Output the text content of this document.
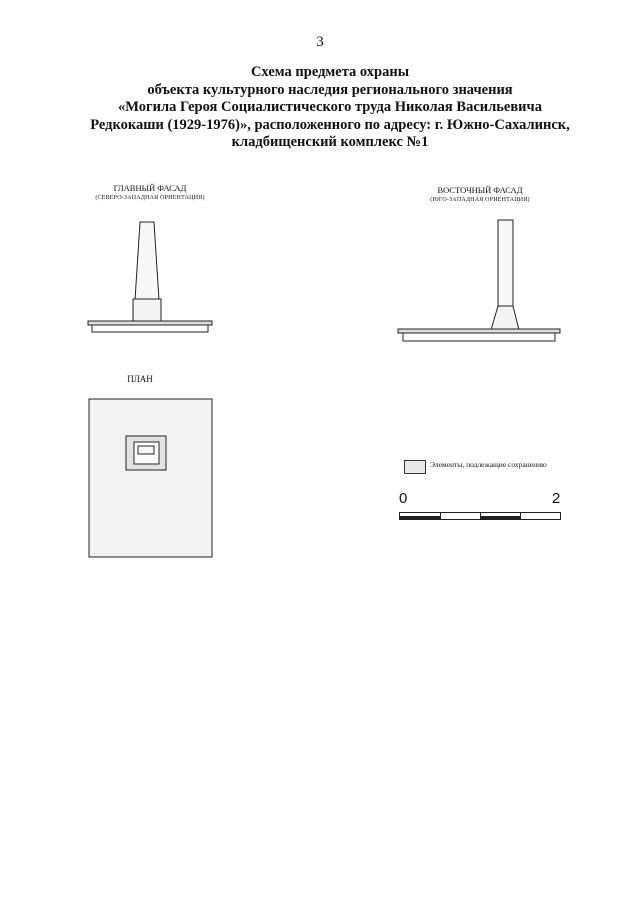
3
Схема предмета охраны
объекта культурного наследия регионального значения
«Могила Героя Социалистического труда Николая Васильевича
Редкокаши (1929-1976)», расположенного по адресу: г. Южно-Сахалинск,
кладбищенский комплекс №1
ГЛАВНЫЙ ФАСАД
(СЕВЕРО-ЗАПАДНАЯ ОРИЕНТАЦИЯ)
ВОСТОЧНЫЙ ФАСАД
(ЮГО-ЗАПАДНАЯ ОРИЕНТАЦИЯ)
ПЛАН
Элементы, подлежащие сохранению
0	2
